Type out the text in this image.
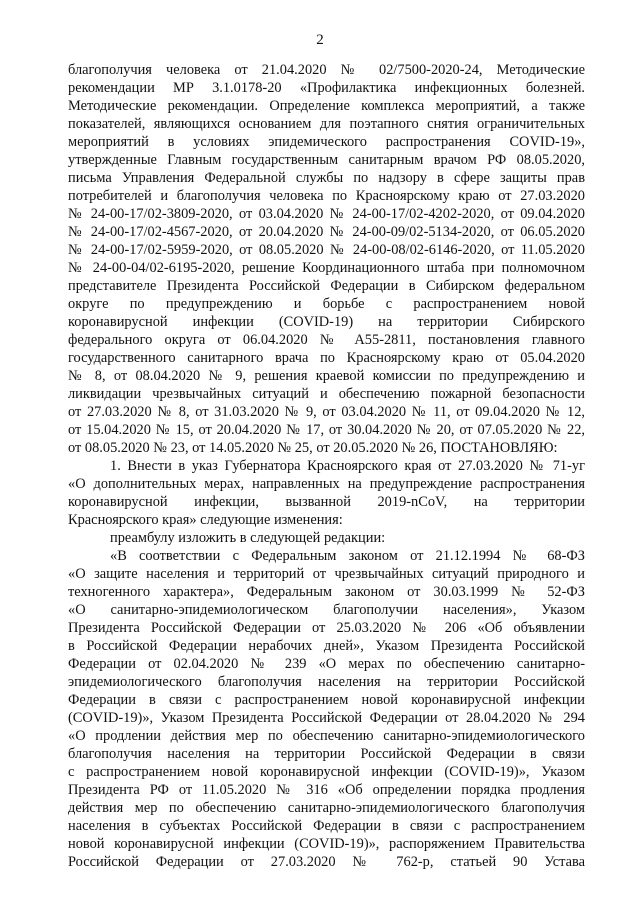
2
благополучия человека от 21.04.2020 № 02/7500-2020-24, Методические
рекомендации МР 3.1.0178-20 «Профилактика инфекционных болезней.
Методические рекомендации. Определение комплекса мероприятий, а также
показателей, являющихся основанием для поэтапного снятия ограничительных
мероприятий в условиях эпидемического распространения COVID-19»,
утвержденные Главным государственным санитарным врачом РФ 08.05.2020,
письма Управления Федеральной службы по надзору в сфере защиты прав
потребителей и благополучия человека по Красноярскому краю от 27.03.2020
№ 24-00-17/02-3809-2020, от 03.04.2020 № 24-00-17/02-4202-2020, от 09.04.2020
№ 24-00-17/02-4567-2020, от 20.04.2020 № 24-00-09/02-5134-2020, от 06.05.2020
№ 24-00-17/02-5959-2020, от 08.05.2020 № 24-00-08/02-6146-2020, от 11.05.2020
№ 24-00-04/02-6195-2020, решение Координационного штаба при полномочном
представителе Президента Российской Федерации в Сибирском федеральном
округе по предупреждению и борьбе с распространением новой
коронавирусной инфекции (COVID-19) на территории Сибирского
федерального округа от 06.04.2020 № А55-2811, постановления главного
государственного санитарного врача по Красноярскому краю от 05.04.2020
№ 8, от 08.04.2020 № 9, решения краевой комиссии по предупреждению и
ликвидации чрезвычайных ситуаций и обеспечению пожарной безопасности
от 27.03.2020 № 8, от 31.03.2020 № 9, от 03.04.2020 № 11, от 09.04.2020 № 12,
от 15.04.2020 № 15, от 20.04.2020 № 17, от 30.04.2020 № 20, от 07.05.2020 № 22,
от 08.05.2020 № 23, от 14.05.2020 № 25, от 20.05.2020 № 26, ПОСТАНОВЛЯЮ:
1. Внести в указ Губернатора Красноярского края от 27.03.2020 № 71-уг
«О дополнительных мерах, направленных на предупреждение распространения
коронавирусной инфекции, вызванной 2019-nCoV, на территории
Красноярского края» следующие изменения:
преамбулу изложить в следующей редакции:
«В соответствии с Федеральным законом от 21.12.1994 № 68-ФЗ
«О защите населения и территорий от чрезвычайных ситуаций природного и
техногенного характера», Федеральным законом от 30.03.1999 № 52-ФЗ
«О санитарно-эпидемиологическом благополучии населения», Указом
Президента Российской Федерации от 25.03.2020 № 206 «Об объявлении
в Российской Федерации нерабочих дней», Указом Президента Российской
Федерации от 02.04.2020 № 239 «О мерах по обеспечению санитарно-
эпидемиологического благополучия населения на территории Российской
Федерации в связи с распространением новой коронавирусной инфекции
(COVID-19)», Указом Президента Российской Федерации от 28.04.2020 № 294
«О продлении действия мер по обеспечению санитарно-эпидемиологического
благополучия населения на территории Российской Федерации в связи
с распространением новой коронавирусной инфекции (COVID-19)», Указом
Президента РФ от 11.05.2020 № 316 «Об определении порядка продления
действия мер по обеспечению санитарно-эпидемиологического благополучия
населения в субъектах Российской Федерации в связи с распространением
новой коронавирусной инфекции (COVID-19)», распоряжением Правительства
Российской Федерации от 27.03.2020 № 762-р, статьей 90 Устава
